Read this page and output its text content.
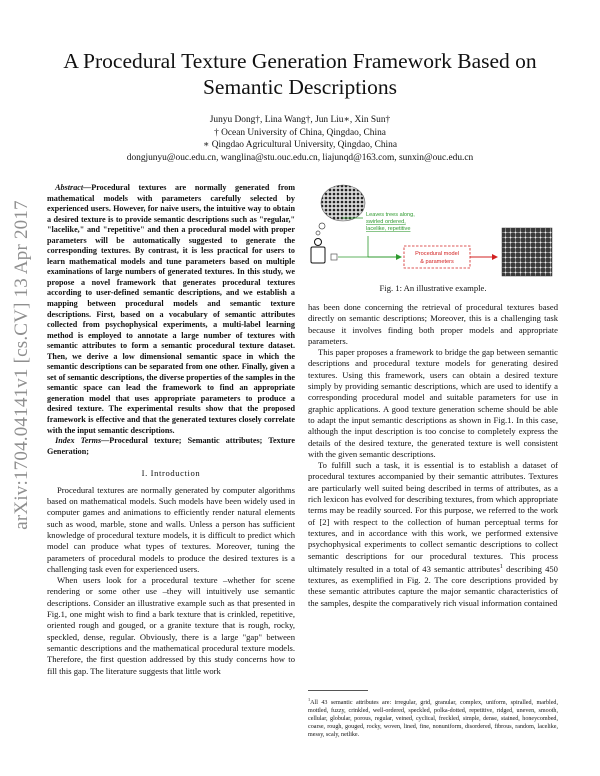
arXiv:1704.04141v1 [cs.CV] 13 Apr 2017
A Procedural Texture Generation Framework Based on Semantic Descriptions
Junyu Dong†, Lina Wang†, Jun Liu∗, Xin Sun†
† Ocean University of China, Qingdao, China
∗ Qingdao Agricultural University, Qingdao, China
dongjunyu@ouc.edu.cn, wanglina@stu.ouc.edu.cn, liajunqd@163.com, sunxin@ouc.edu.cn

 Abstract—Procedural textures are normally generated from mathematical models with parameters carefully selected by experienced users. However, for naive users, the intuitive way to obtain a desired texture is to provide semantic descriptions such as "regular," "lacelike," and "repetitive" and then a procedural model with proper parameters will be automatically suggested to generate the corresponding textures. By contrast, it is less practical for users to learn mathematical models and tune parameters based on multiple examinations of large numbers of generated textures. In this study, we propose a novel framework that generates procedural textures according to user-defined semantic descriptions, and we establish a mapping between procedural models and semantic texture descriptions. First, based on a vocabulary of semantic attributes collected from psychophysical experiments, a multi-label learning method is employed to annotate a large number of textures with semantic attributes to form a semantic procedural texture dataset. Then, we derive a low dimensional semantic space in which the semantic descriptions can be separated from one other. Finally, given a set of semantic descriptions, the diverse properties of the samples in the semantic space can lead the framework to find an appropriate generation model that uses appropriate parameters to produce a desired texture. The experimental results show that the proposed framework is effective and that the generated textures closely correlate with the input semantic descriptions.

 Index Terms—Procedural texture; Semantic attributes; Texture Generation;

I. Introduction

Procedural textures are normally generated by computer algorithms based on mathematical models. Such models have been widely used in computer games and animations to efficiently render natural elements such as wood, marble, stone and walls. Unless a person has sufficient knowledge of procedural texture models, it is difficult to predict which model can produce what types of textures. Moreover, tuning the parameters of procedural models to produce the desired textures is a challenging task even for experienced users.

When users look for a procedural texture –whether for scene rendering or some other use –they will intuitively use semantic descriptions. Consider an illustrative example such as that presented in Fig.1, one might wish to find a bark texture that is crinkled, repetitive, oriented rough and gouged, or a granite texture that is rough, rocky, speckled, dense, regular. Obviously, there is a large "gap" between semantic descriptions and the mathematical procedural texture models. Therefore, the first question addressed by this study concerns how to fill this gap. The literature suggests that little work

Leaves trees along,
swirled ordered,
lacelike, repetitive
Procedural model
& parameters
Fig. 1: An illustrative example.

has been done concerning the retrieval of procedural textures based directly on semantic descriptions; Moreover, this is a challenging task because it involves finding both proper models and appropriate parameters.

This paper proposes a framework to bridge the gap between semantic descriptions and procedural texture models for generating desired textures. Using this framework, users can obtain a desired texture simply by providing semantic descriptions, which are used to identify a corresponding procedural model and suitable parameters for use in graphic applications. A good texture generation scheme should be able to adapt the input semantic descriptions as shown in Fig.1. In this case, although the input description is too concise to completely express the details of the desired texture, the generated texture is well consistent with the given semantic descriptions.

To fulfill such a task, it is essential is to establish a dataset of procedural textures accompanied by their semantic attributes. Textures are particularly well suited being described in terms of attributes, as a rich lexicon has evolved for describing textures, from which appropriate terms may be readily sourced. For this purpose, we referred to the work of [2] with respect to the collection of human perceptual terms for textures, and in accordance with this work, we performed extensive psychophysical experiments to collect semantic descriptions to collect semantic descriptions for our procedural textures. This process ultimately resulted in a total of 43 semantic attributes$^1$ describing 450 textures, as exemplified in Fig. 2. The core descriptions provided by these semantic attributes capture the major semantic characteristics of the samples, despite the comparatively rich visual information contained

$^1$All 43 semantic attributes are: irregular, grid, granular, complex, uniform, spiralled, marbled, mottled, fuzzy, crinkled, well-ordered, speckled, polka-dotted, repetitive, ridged, uneven, smooth, cellular, globular, porous, regular, veined, cyclical, freckled, simple, dense, stained, honeycombed, coarse, rough, gouged, rocky, woven, lined, fine, nonuniform, disordered, fibrous, random, lacelike, messy, scaly, netlike.
